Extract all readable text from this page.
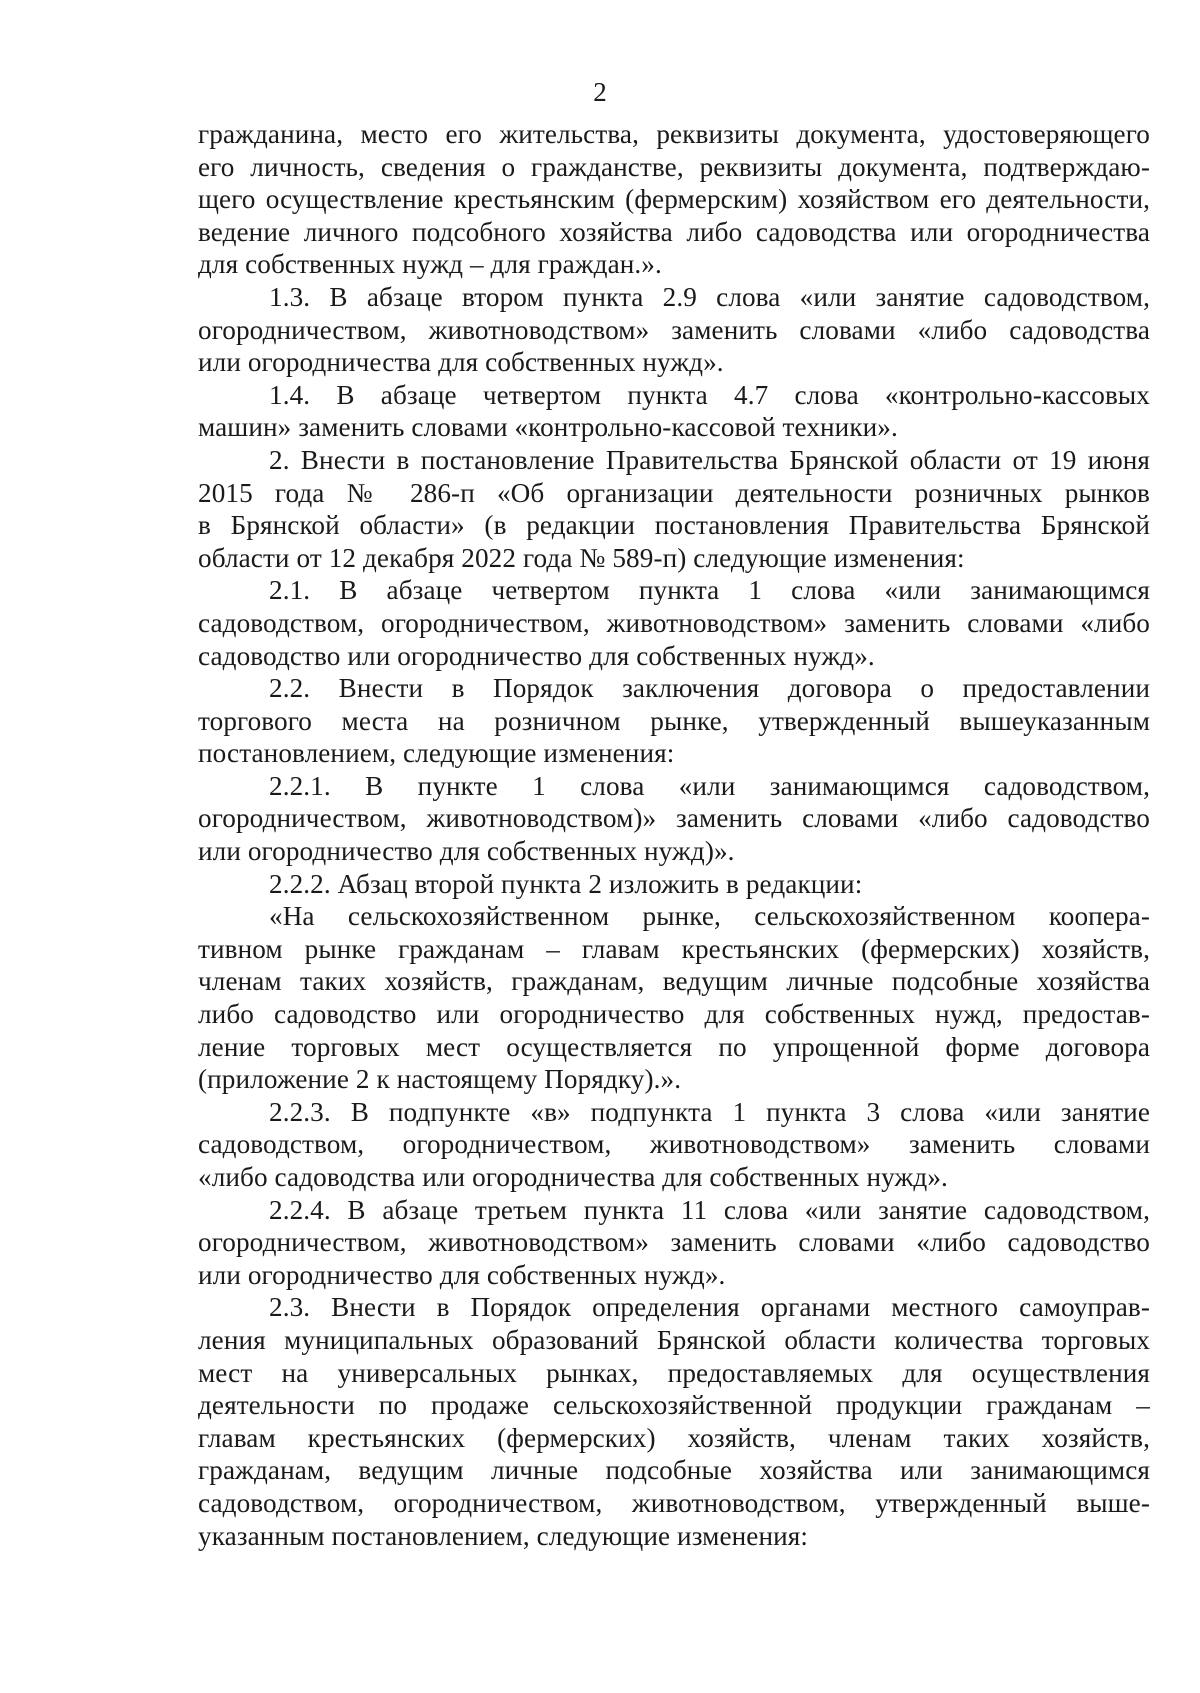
2
гражданина, место его жительства, реквизиты документа, удостоверяющего
его личность, сведения о гражданстве, реквизиты документа, подтверждаю-
щего осуществление крестьянским (фермерским) хозяйством его деятельности,
ведение личного подсобного хозяйства либо садоводства или огородничества
для собственных нужд – для граждан.».
1.3. В абзаце втором пункта 2.9 слова «или занятие садоводством,
огородничеством, животноводством» заменить словами «либо садоводства
или огородничества для собственных нужд».
1.4. В абзаце четвертом пункта 4.7 слова «контрольно-кассовых
машин» заменить словами «контрольно-кассовой техники».
2. Внести в постановление Правительства Брянской области от 19 июня
2015 года № 286-п «Об организации деятельности розничных рынков
в Брянской области» (в редакции постановления Правительства Брянской
области от 12 декабря 2022 года № 589-п) следующие изменения:
2.1. В абзаце четвертом пункта 1 слова «или занимающимся
садоводством, огородничеством, животноводством» заменить словами «либо
садоводство или огородничество для собственных нужд».
2.2. Внести в Порядок заключения договора о предоставлении
торгового места на розничном рынке, утвержденный вышеуказанным
постановлением, следующие изменения:
2.2.1. В пункте 1 слова «или занимающимся садоводством,
огородничеством, животноводством)» заменить словами «либо садоводство
или огородничество для собственных нужд)».
2.2.2. Абзац второй пункта 2 изложить в редакции:
«На сельскохозяйственном рынке, сельскохозяйственном коопера-
тивном рынке гражданам – главам крестьянских (фермерских) хозяйств,
членам таких хозяйств, гражданам, ведущим личные подсобные хозяйства
либо садоводство или огородничество для собственных нужд, предостав-
ление торговых мест осуществляется по упрощенной форме договора
(приложение 2 к настоящему Порядку).».
2.2.3. В подпункте «в» подпункта 1 пункта 3 слова «или занятие
садоводством, огородничеством, животноводством» заменить словами
«либо садоводства или огородничества для собственных нужд».
2.2.4. В абзаце третьем пункта 11 слова «или занятие садоводством,
огородничеством, животноводством» заменить словами «либо садоводство
или огородничество для собственных нужд».
2.3. Внести в Порядок определения органами местного самоуправ-
ления муниципальных образований Брянской области количества торговых
мест на универсальных рынках, предоставляемых для осуществления
деятельности по продаже сельскохозяйственной продукции гражданам –
главам крестьянских (фермерских) хозяйств, членам таких хозяйств,
гражданам, ведущим личные подсобные хозяйства или занимающимся
садоводством, огородничеством, животноводством, утвержденный выше-
указанным постановлением, следующие изменения:
